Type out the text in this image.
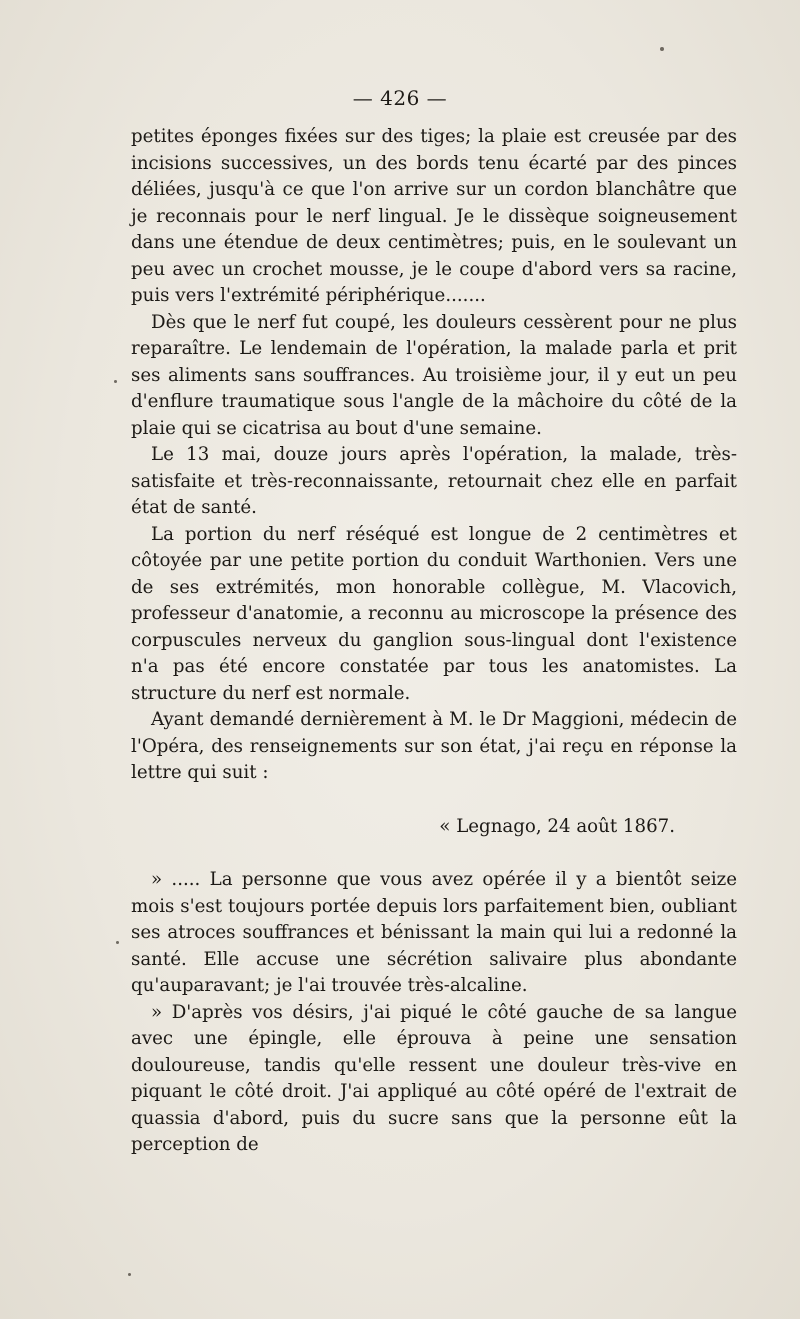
— 426 —

petites éponges fixées sur des tiges; la plaie est creusée par des incisions successives, un des bords tenu écarté par des pinces déliées, jusqu'à ce que l'on arrive sur un cordon blanchâtre que je reconnais pour le nerf lingual. Je le dissèque soigneusement dans une étendue de deux centimètres; puis, en le soulevant un peu avec un crochet mousse, je le coupe d'abord vers sa racine, puis vers l'extrémité périphérique.......

Dès que le nerf fut coupé, les douleurs cessèrent pour ne plus reparaître. Le lendemain de l'opération, la malade parla et prit ses aliments sans souffrances. Au troisième jour, il y eut un peu d'enflure traumatique sous l'angle de la mâchoire du côté de la plaie qui se cicatrisa au bout d'une semaine.

Le 13 mai, douze jours après l'opération, la malade, très-satisfaite et très-reconnaissante, retournait chez elle en parfait état de santé.

La portion du nerf réséqué est longue de 2 centimètres et côtoyée par une petite portion du conduit Warthonien. Vers une de ses extrémités, mon honorable collègue, M. Vlacovich, professeur d'anatomie, a reconnu au microscope la présence des corpuscules nerveux du ganglion sous-lingual dont l'existence n'a pas été encore constatée par tous les anatomistes. La structure du nerf est normale.

Ayant demandé dernièrement à M. le Dr Maggioni, médecin de l'Opéra, des renseignements sur son état, j'ai reçu en réponse la lettre qui suit :

« Legnago, 24 août 1867.

» ..... La personne que vous avez opérée il y a bientôt seize mois s'est toujours portée depuis lors parfaitement bien, oubliant ses atroces souffrances et bénissant la main qui lui a redonné la santé. Elle accuse une sécrétion salivaire plus abondante qu'auparavant; je l'ai trouvée très-alcaline.

» D'après vos désirs, j'ai piqué le côté gauche de sa langue avec une épingle, elle éprouva à peine une sensation douloureuse, tandis qu'elle ressent une douleur très-vive en piquant le côté droit. J'ai appliqué au côté opéré de l'extrait de quassia d'abord, puis du sucre sans que la personne eût la perception de
